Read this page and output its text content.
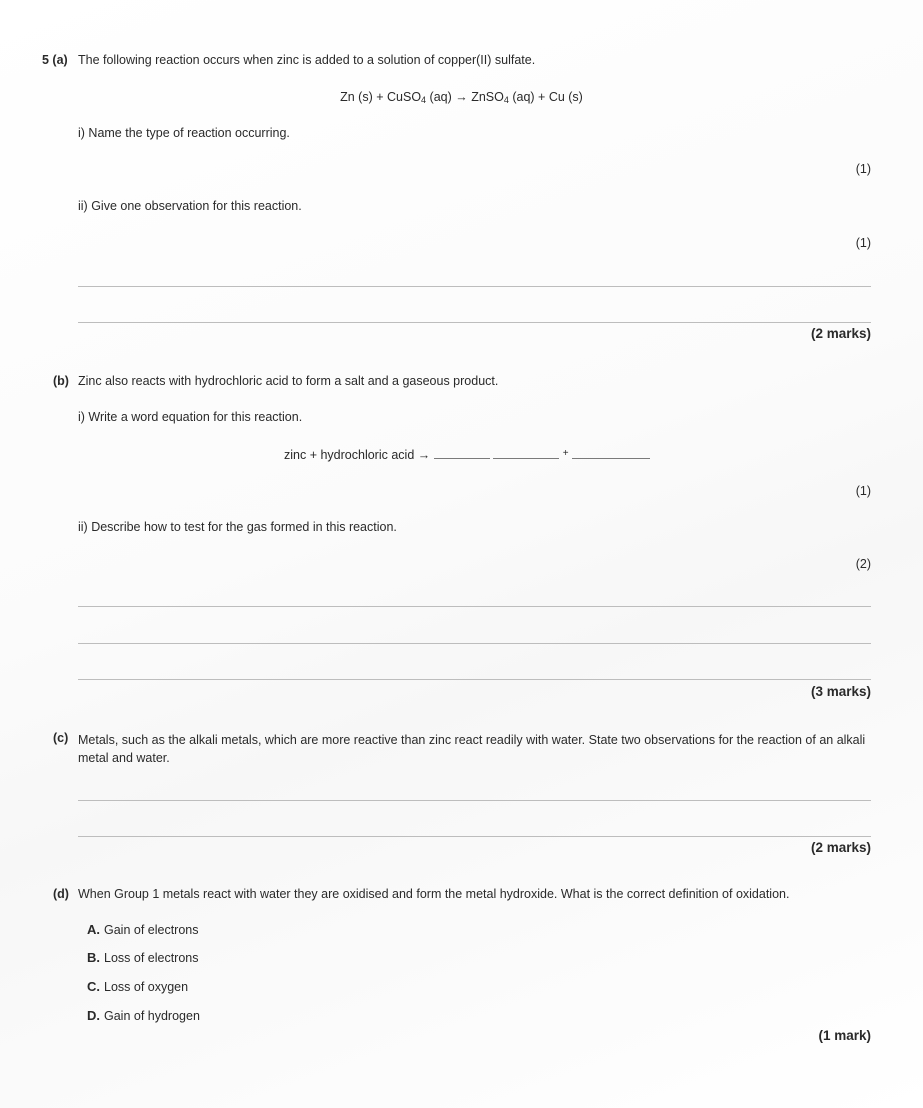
5 (a) The following reaction occurs when zinc is added to a solution of copper(II) sulfate.
Zn (s) + CuSO$_4$ (aq) → ZnSO$_4$ (aq) + Cu (s)
i) Name the type of reaction occurring.
(1)
ii) Give one observation for this reaction.
(1)
(2 marks)
(b) Zinc also reacts with hydrochloric acid to form a salt and a gaseous product.
i) Write a word equation for this reaction.
zinc + hydrochloric acid →	+
(1)
ii) Describe how to test for the gas formed in this reaction.
(2)
(3 marks)
(c) Metals, such as the alkali metals, which are more reactive than zinc react readily with water. State two observations for the reaction of an alkali metal and water.
(2 marks)
(d) When Group 1 metals react with water they are oxidised and form the metal hydroxide. What is the correct definition of oxidation.
A. Gain of electrons
B. Loss of electrons
C. Loss of oxygen
D. Gain of hydrogen
(1 mark)
